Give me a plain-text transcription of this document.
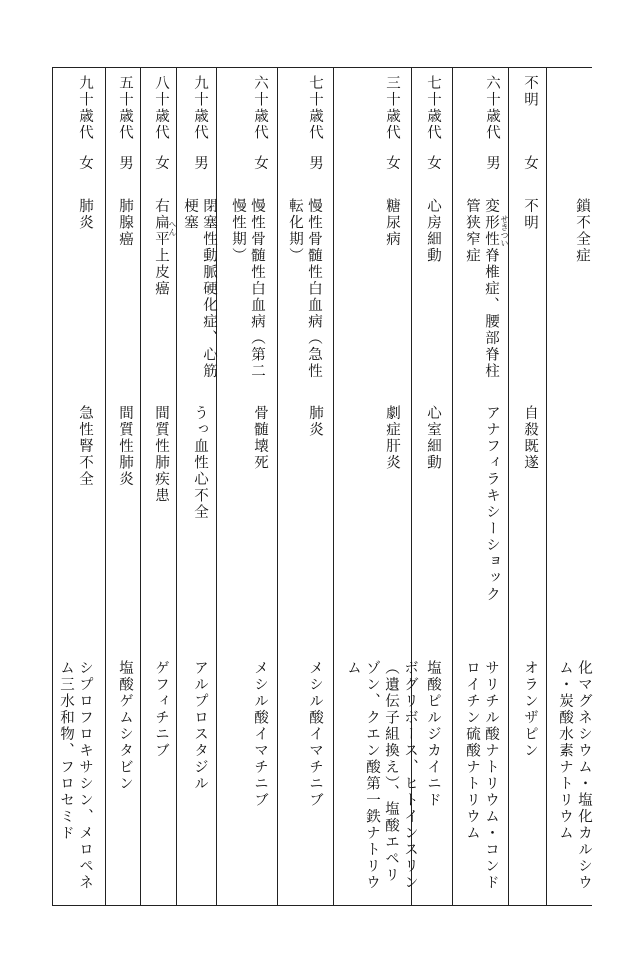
鎖不全症
化マグネシウム・塩化カルシウム・炭酸水素ナトリウム
不明
女
不明
自殺既遂
オランザピン
六十歳代
男
変形性脊椎症、腰部脊柱管狭窄症	せきつい
アナフィラキシーショック
サリチル酸ナトリウム・コンドロイチン硫酸ナトリウム
七十歳代
女
心房細動
心室細動
塩酸ピルジカイニド
三十歳代
女
糖尿病
劇症肝炎
ボグリボース、ヒトインスリン（遺伝子組換え）、塩酸エペリゾン、クエン酸第一鉄ナトリウム
七十歳代
男
慢性骨髄性白血病（急性転化期）
肺炎
メシル酸イマチニブ
六十歳代
女
慢性骨髄性白血病（第二慢性期）
骨髄壊死
メシル酸イマチニブ
九十歳代
男
閉塞性動脈硬化症、心筋梗塞
うっ血性心不全
アルプロスタジル
八十歳代
女
右扁平上皮癌 へん
間質性肺疾患
ゲフィチニブ
五十歳代
男
肺腺癌
間質性肺炎
塩酸ゲムシタビン
九十歳代
女
肺炎
急性腎不全
シプロフロキサシン、メロペネム三水和物、フロセミド
